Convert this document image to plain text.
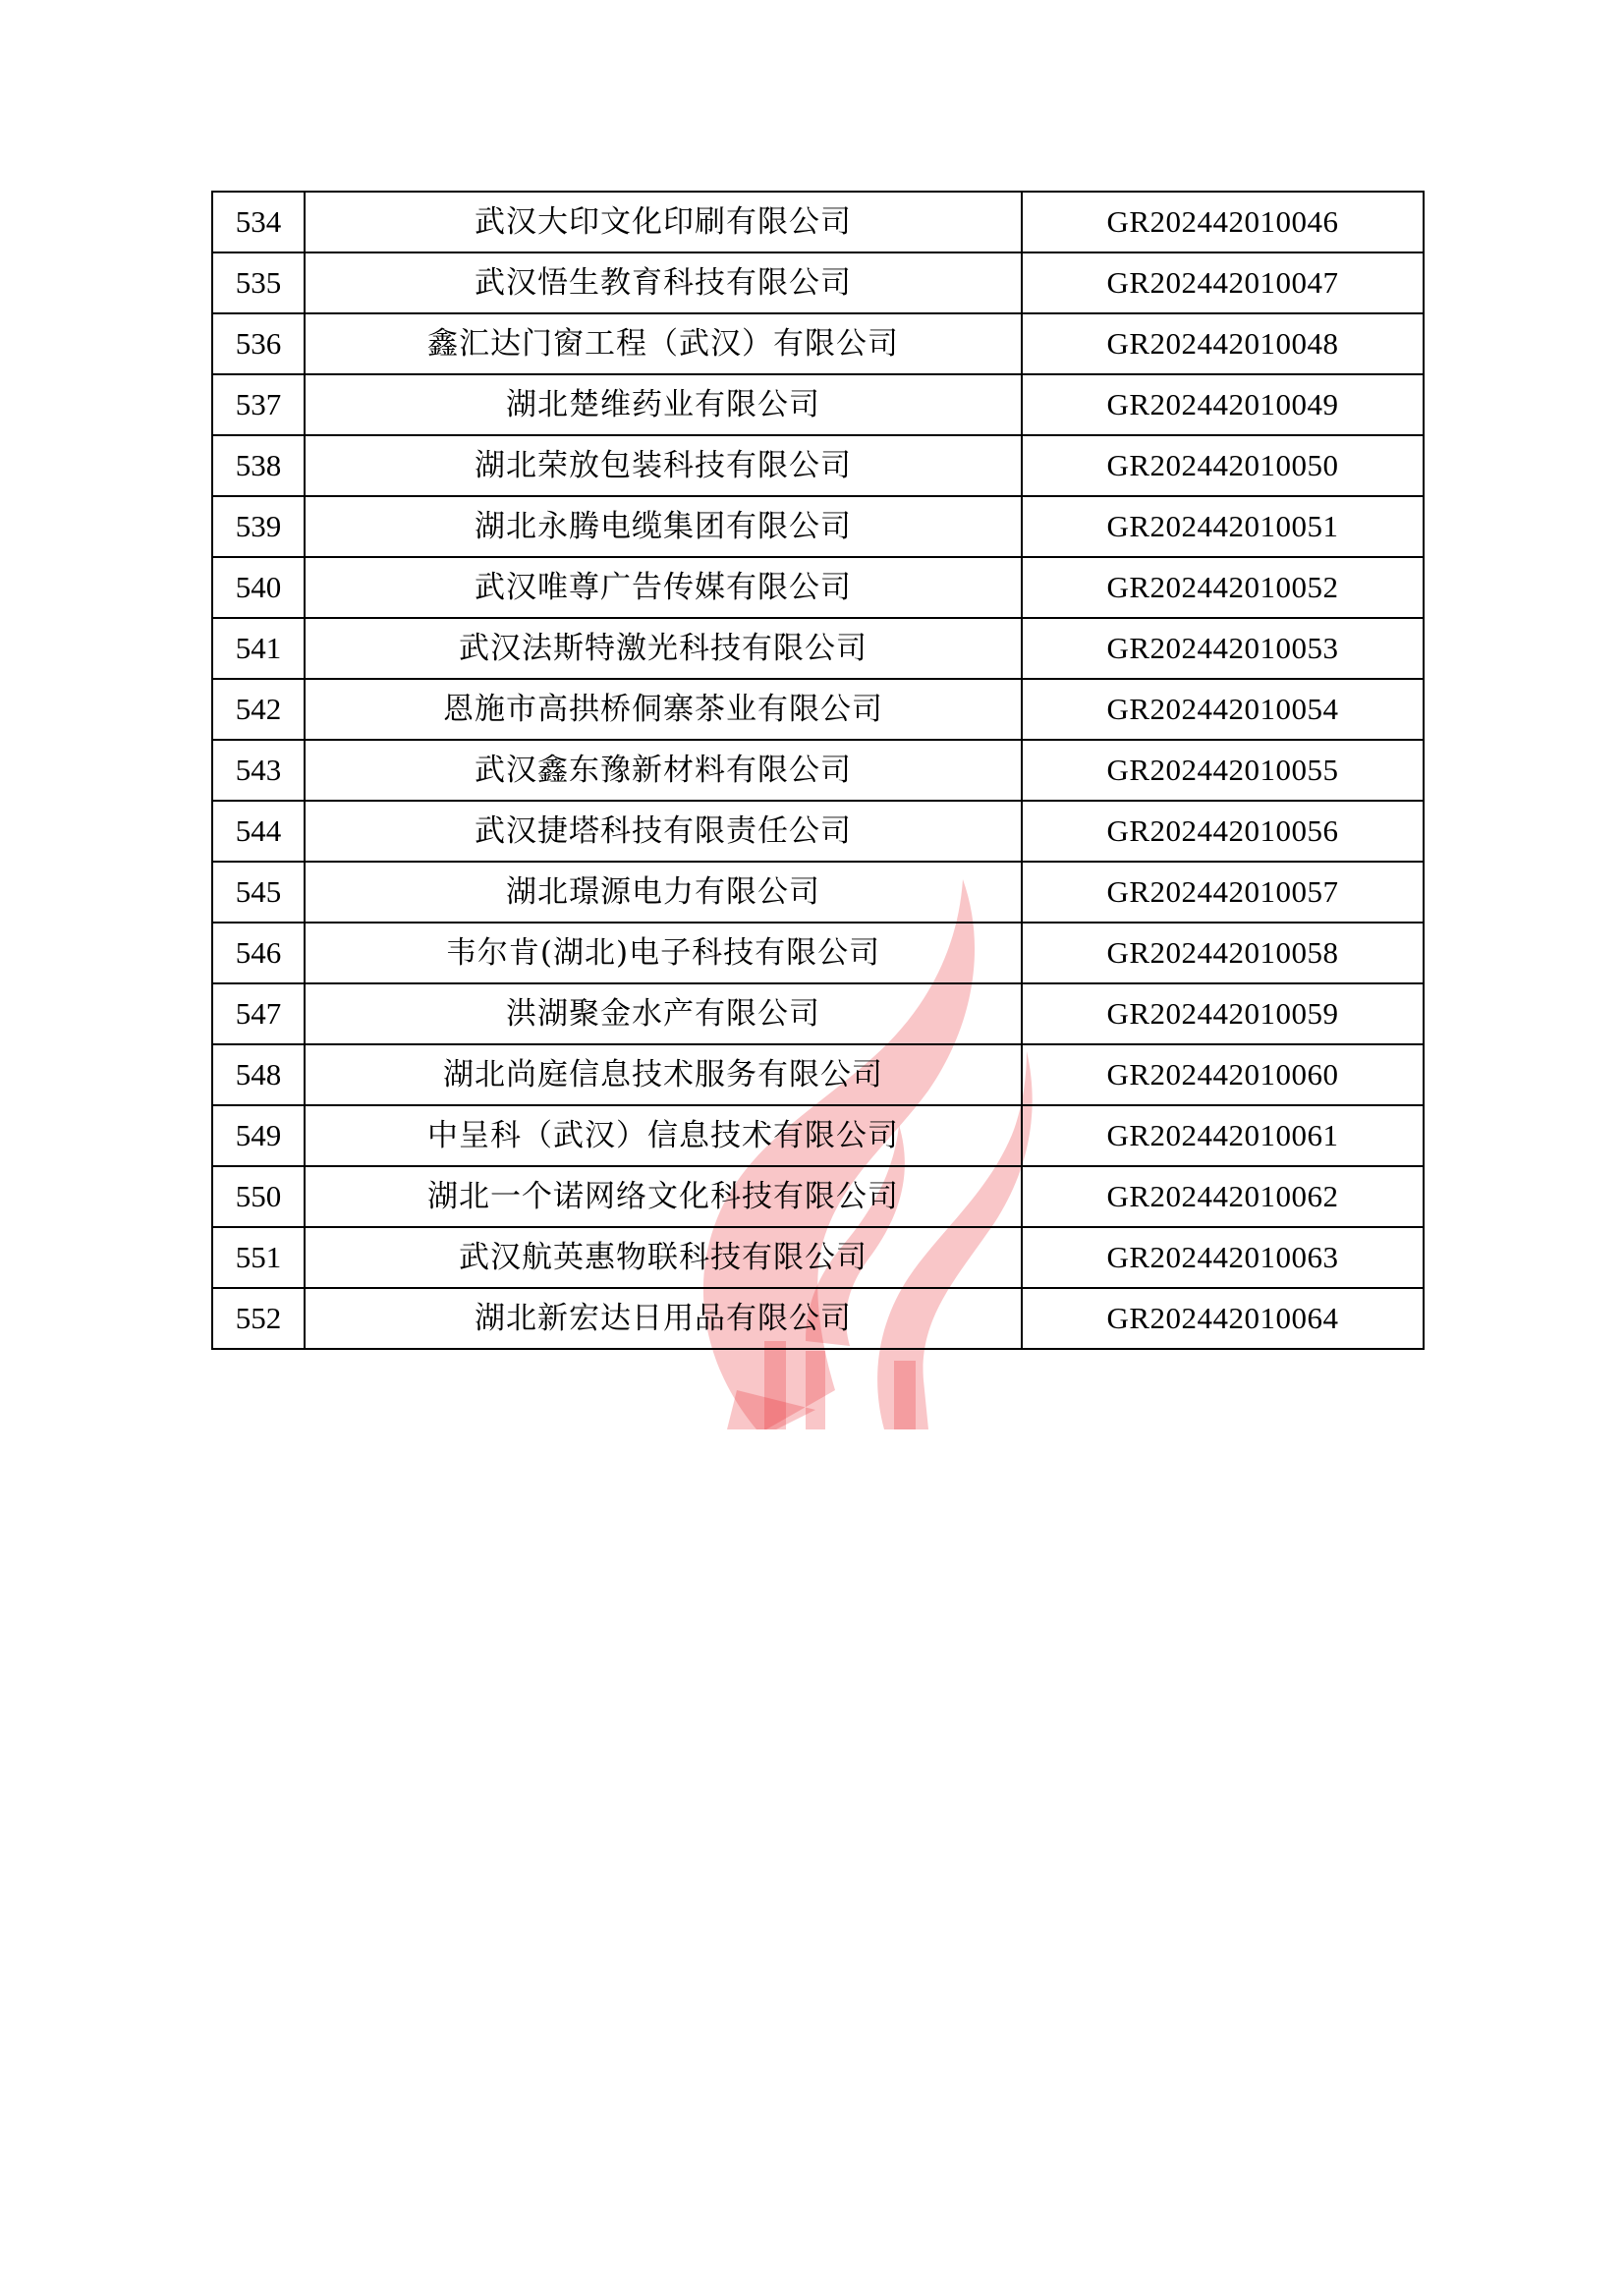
534	武汉大印文化印刷有限公司	GR202442010046
535	武汉悟生教育科技有限公司	GR202442010047
536	鑫汇达门窗工程（武汉）有限公司	GR202442010048
537	湖北楚维药业有限公司	GR202442010049
538	湖北荣放包装科技有限公司	GR202442010050
539	湖北永腾电缆集团有限公司	GR202442010051
540	武汉唯尊广告传媒有限公司	GR202442010052
541	武汉法斯特激光科技有限公司	GR202442010053
542	恩施市高拱桥侗寨茶业有限公司	GR202442010054
543	武汉鑫东豫新材料有限公司	GR202442010055
544	武汉捷塔科技有限责任公司	GR202442010056
545	湖北璟源电力有限公司	GR202442010057
546	韦尔肯(湖北)电子科技有限公司	GR202442010058
547	洪湖聚金水产有限公司	GR202442010059
548	湖北尚庭信息技术服务有限公司	GR202442010060
549	中呈科（武汉）信息技术有限公司	GR202442010061
550	湖北一个诺网络文化科技有限公司	GR202442010062
551	武汉航英惠物联科技有限公司	GR202442010063
552	湖北新宏达日用品有限公司	GR202442010064
